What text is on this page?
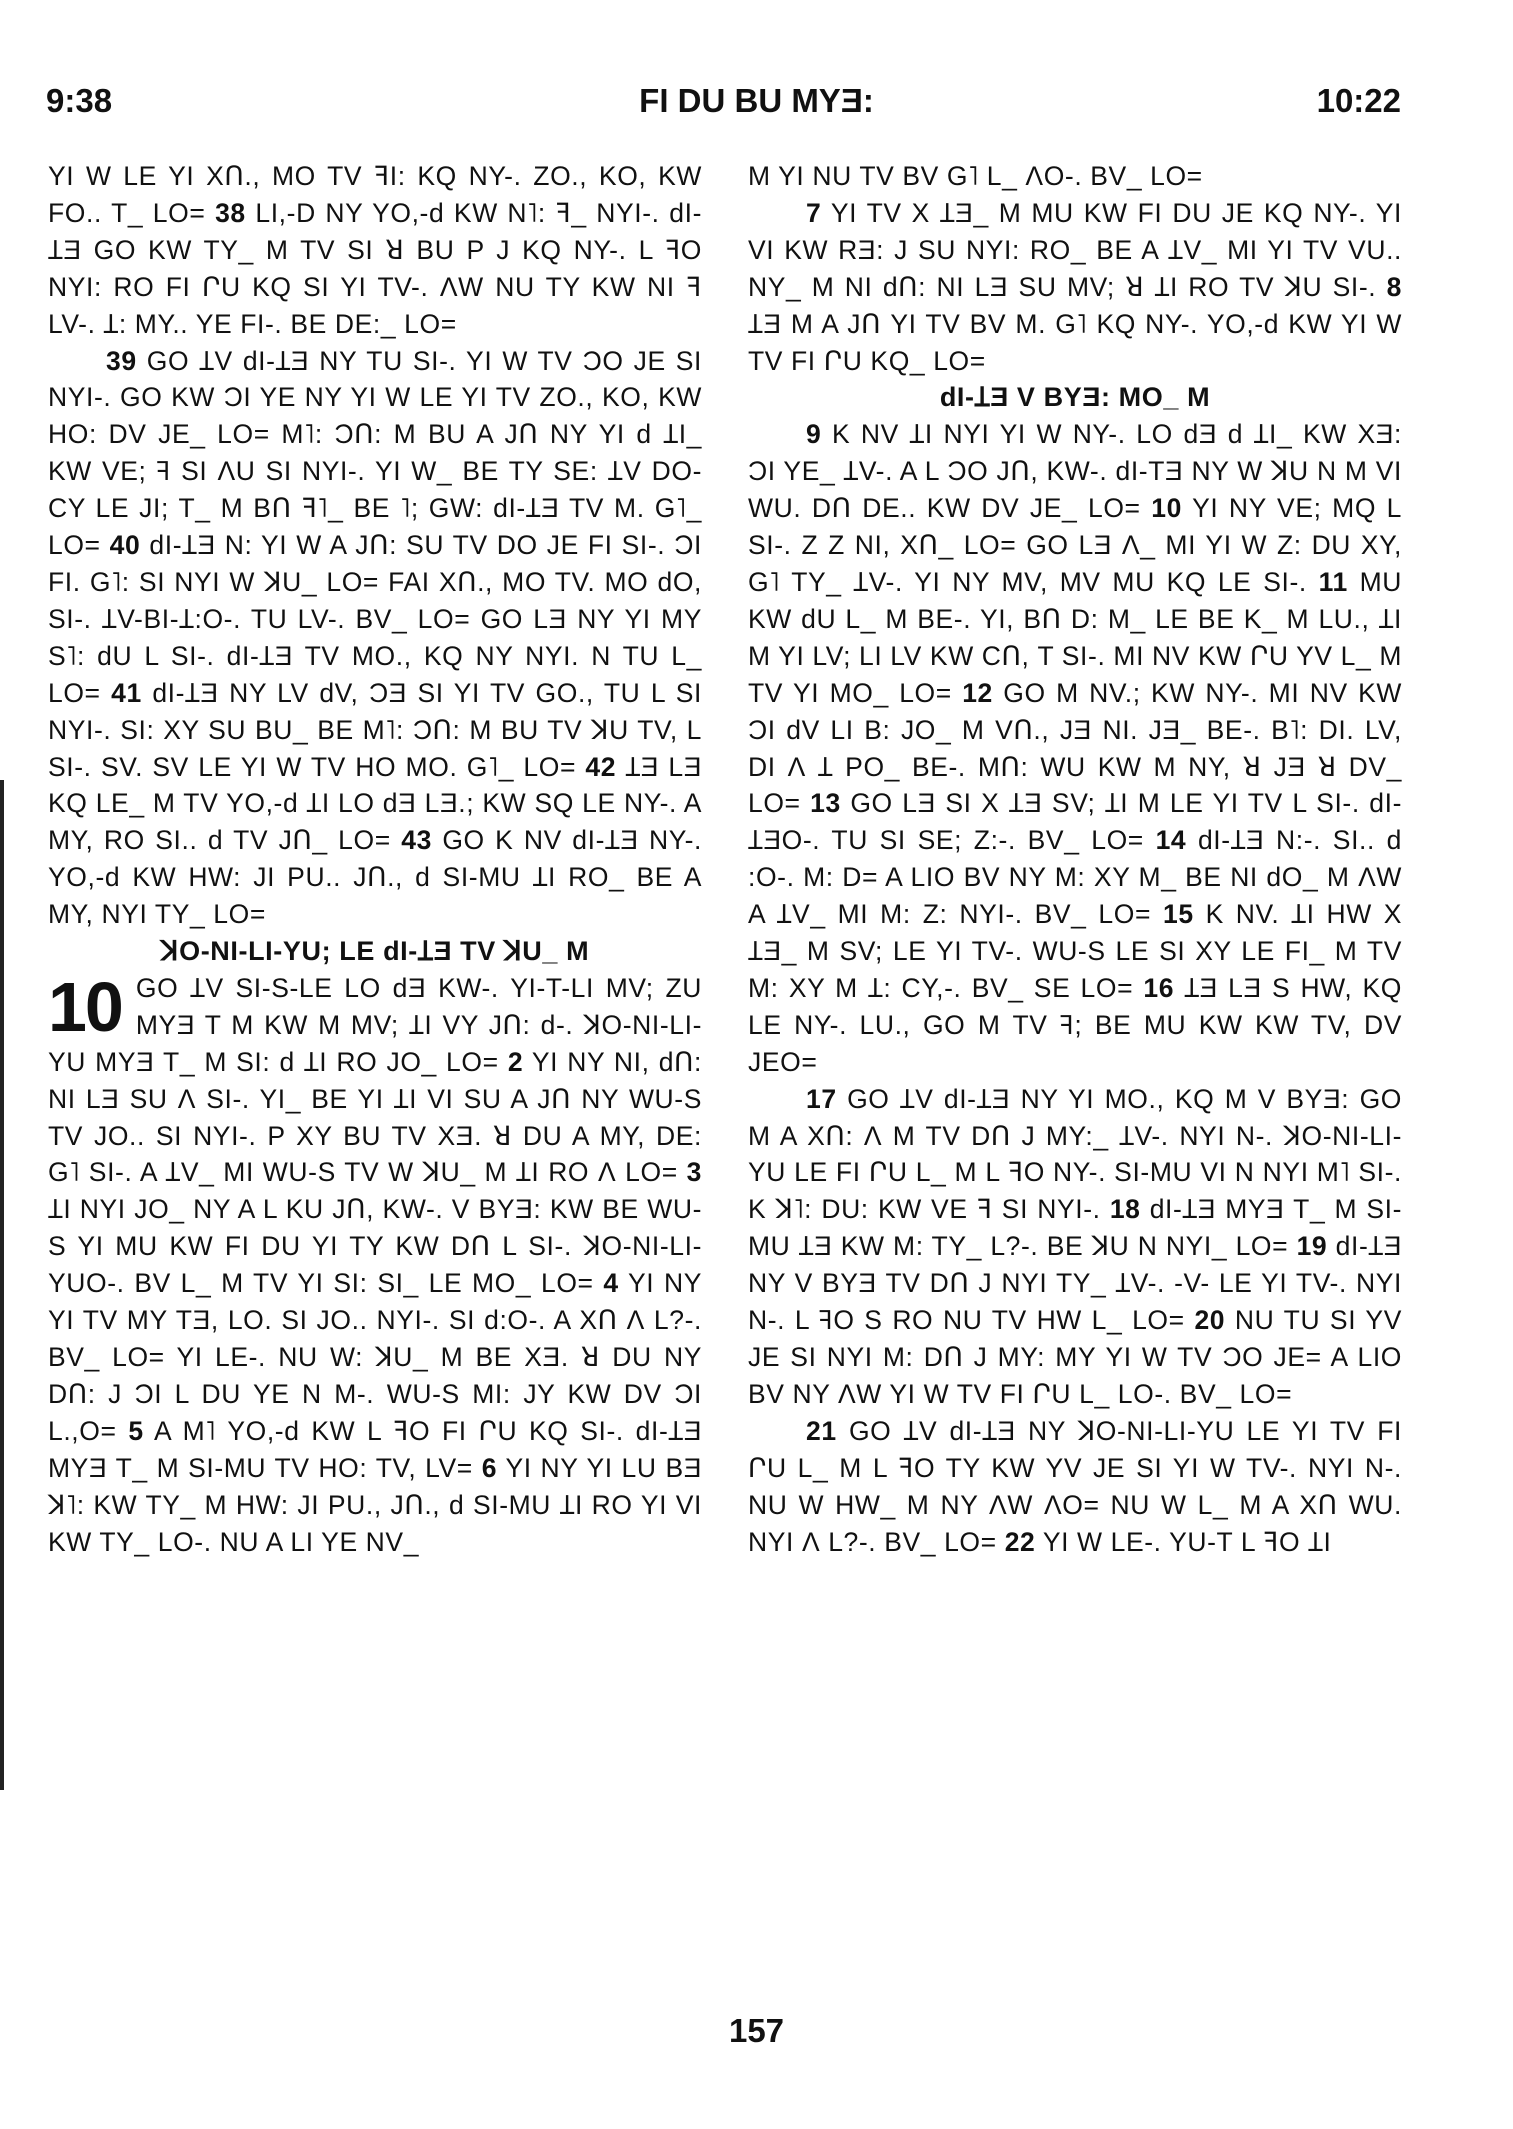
9:38	FI DU BU MYƎ:	10:22

YI W LE YI XՈ., MO TV ꟻI: KQ NY-. ZO., KO, KW FO.. T_ LO= 38 LI,-D NY YO,-d KW N˥: ꟻ_ NYI-. dI-ꞱƎ GO KW TY_ M TV SI ꓤ BU P J KQ NY-. L ꟻO NYI: RO FI ՐU KQ SI YI TV-. ɅW NU TY KW NI ꟻ LV-. Ʇ: MY.. YE FI-. BE DE:_ LO=

39 GO ꞱV dI-ꞱƎ NY TU SI-. YI W TV ƆO JE SI NYI-. GO KW ƆI YE NY YI W LE YI TV ZO., KO, KW HO: DV JE_ LO= M˥: ƆՈ: M BU A JՈ NY YI d ꞱI_ KW VE; ꟻ SI ɅU SI NYI-. YI W_ BE TY SE: ꞱV DO-CY LE JI; T_ M BՈ ꟻ˥_ BE ˥; GW: dI-ꞱƎ TV M. G˥_ LO= 40 dI-ꞱƎ N: YI W A JՈ: SU TV DO JE FI SI-. ƆI FI. G˥: SI NYI W ꓘU_ LO= FAI XՈ., MO TV. MO dO, SI-. ꞱV-BI-Ʇ:O-. TU LV-. BV_ LO= GO LƎ NY YI MY S˥: dU L SI-. dI-ꞱƎ TV MO., KQ NY NYI. N TU L_ LO= 41 dI-ꞱƎ NY LV dV, ƆƎ SI YI TV GO., TU L SI NYI-. SI: XY SU BU_ BE M˥: ƆՈ: M BU TV ꓘU TV, L SI-. SV. SV LE YI W TV HO MO. G˥_ LO= 42 ꞱƎ LƎ KQ LE_ M TV YO,-d ꞱI LO dƎ LƎ.; KW SQ LE NY-. A MY, RO SI.. d TV JՈ_ LO= 43 GO K NV dI-ꞱƎ NY-. YO,-d KW HW: JI PU.. JՈ., d SI-MU ꞱI RO_ BE A MY, NYI TY_ LO=

ꓘO-NI-LI-YU; LE dI-ꞱƎ TV ꓘU_ M

10 GO ꞱV SI-S-LE LO dƎ KW-. YI-T-LI MV; ZU MYƎ T M KW M MV; ꞱI VY JՈ: d-. ꓘO-NI-LI-YU MYƎ T_ M SI: d ꞱI RO JO_ LO= 2 YI NY NI, dՈ: NI LƎ SU Ʌ SI-. YI_ BE YI ꞱI VI SU A JՈ NY WU-S TV JO.. SI NYI-. P XY BU TV XƎ. ꓤ DU A MY, DE: G˥ SI-. A ꞱV_ MI WU-S TV W ꓘU_ M ꞱI RO Ʌ LO= 3 ꞱI NYI JO_ NY A L KU JՈ, KW-. V BYƎ: KW BE WU-S YI MU KW FI DU YI TY KW DՈ L SI-. ꓘO-NI-LI-YUO-. BV L_ M TV YI SI: SI_ LE MO_ LO= 4 YI NY YI TV MY TƎ, LO. SI JO.. NYI-. SI d:O-. A XՈ Ʌ L?-. BV_ LO= YI LE-. NU W: ꓘU_ M BE XƎ. ꓤ DU NY DՈ: J ƆI L DU YE N M-. WU-S MI: JY KW DV ƆI L.,O= 5 A M˥ YO,-d KW L ꟻO FI ՐU KQ SI-. dI-ꞱƎ MYƎ T_ M SI-MU TV HO: TV, LV= 6 YI NY YI LU BƎ ꓘ˥: KW TY_ M HW: JI PU., JՈ., d SI-MU ꞱI RO YI VI KW TY_ LO-. NU A LI YE NV_

M YI NU TV BV G˥ L_ ɅO-. BV_ LO=

7 YI TV X ꞱƎ_ M MU KW FI DU JE KQ NY-. YI VI KW RƎ: J SU NYI: RO_ BE A ꞱV_ MI YI TV VU.. NY_ M NI dՈ: NI LƎ SU MV; ꓤ ꞱI RO TV ꓘU SI-. 8 ꞱƎ M A JՈ YI TV BV M. G˥ KQ NY-. YO,-d KW YI W TV FI ՐU KQ_ LO=

dI-ꞱƎ V BYƎ: MO_ M

9 K NV ꞱI NYI YI W NY-. LO dƎ d ꞱI_ KW XƎ: ƆI YE_ ꞱV-. A L ƆO JՈ, KW-. dI-TƎ NY W ꓘU N M VI WU. DՈ DE.. KW DV JE_ LO= 10 YI NY VE; MQ L SI-. Z Z NI, XՈ_ LO= GO LƎ Ʌ_ MI YI W Z: DU XY, G˥ TY_ ꞱV-. YI NY MV, MV MU KQ LE SI-. 11 MU KW dU L_ M BE-. YI, BՈ D: M_ LE BE K_ M LU., ꞱI M YI LV; LI LV KW CՈ, T SI-. MI NV KW ՐU YV L_ M TV YI MO_ LO= 12 GO M NV.; KW NY-. MI NV KW ƆI dV LI B: JO_ M VՈ., JƎ NI. JƎ_ BE-. B˥: DI. LV, DI Ʌ Ʇ PO_ BE-. MՈ: WU KW M NY, ꓤ JƎ ꓤ DV_ LO= 13 GO LƎ SI X ꞱƎ SV; ꞱI M LE YI TV L SI-. dI-ꞱƎO-. TU SI SE; Z:-. BV_ LO= 14 dI-ꞱƎ N:-. SI.. d :O-. M: D= A LIO BV NY M: XY M_ BE NI dO_ M ɅW A ꞱV_ MI M: Z: NYI-. BV_ LO= 15 K NV. ꞱI HW X ꞱƎ_ M SV; LE YI TV-. WU-S LE SI XY LE FI_ M TV M: XY M Ʇ: CY,-. BV_ SE LO= 16 ꞱƎ LƎ S HW, KQ LE NY-. LU., GO M TV ꟻ; BE MU KW KW TV, DV JEO=

17 GO ꞱV dI-ꞱƎ NY YI MO., KQ M V BYƎ: GO M A XՈ: Ʌ M TV DՈ J MY:_ ꞱV-. NYI N-. ꓘO-NI-LI-YU LE FI ՐU L_ M L ꟻO NY-. SI-MU VI N NYI M˥ SI-. K ꓘ˥: DU: KW VE ꟻ SI NYI-. 18 dI-ꞱƎ MYƎ T_ M SI-MU ꞱƎ KW M: TY_ L?-. BE ꓘU N NYI_ LO= 19 dI-ꞱƎ NY V BYƎ TV DՈ J NYI TY_ ꞱV-. -V- LE YI TV-. NYI N-. L ꟻO S RO NU TV HW L_ LO= 20 NU TU SI YV JE SI NYI M: DՈ J MY: MY YI W TV ƆO JE= A LIO BV NY ɅW YI W TV FI ՐU L_ LO-. BV_ LO=

21 GO ꞱV dI-ꞱƎ NY ꓘO-NI-LI-YU LE YI TV FI ՐU L_ M L ꟻO TY KW YV JE SI YI W TV-. NYI N-. NU W HW_ M NY ɅW ɅO= NU W L_ M A XՈ WU. NYI Ʌ L?-. BV_ LO= 22 YI W LE-. YU-T L ꟻO ꞱI

157
